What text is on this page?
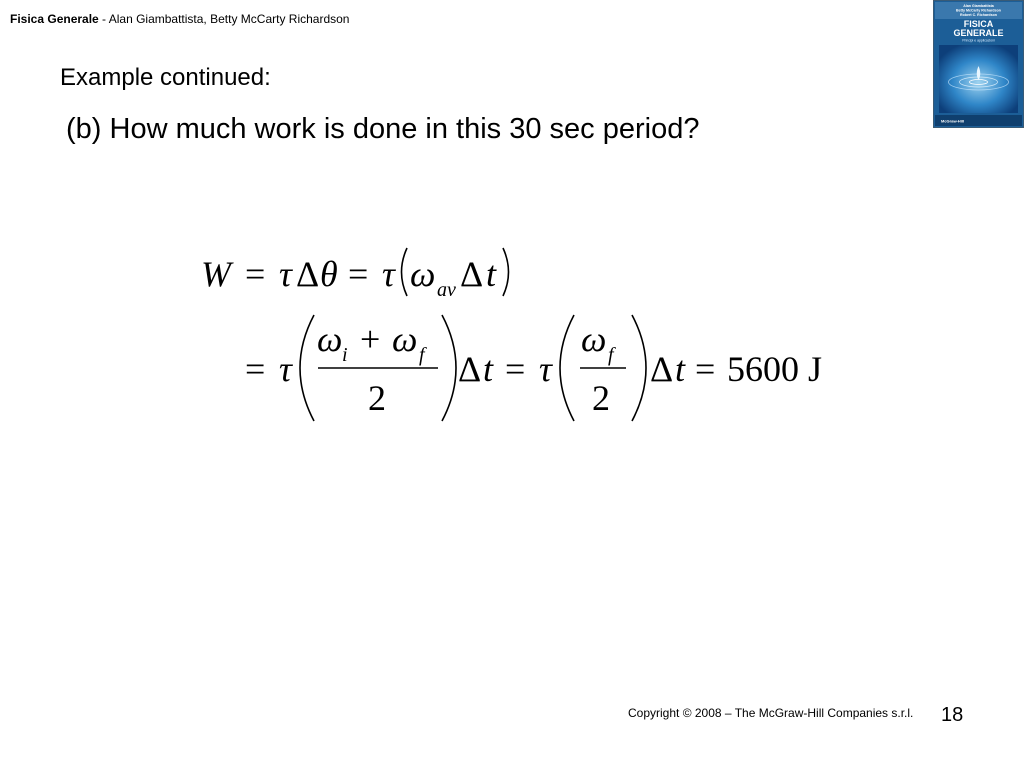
Fisica Generale - Alan Giambattista, Betty McCarty Richardson
Example continued:
(b) How much work is done in this 30 sec period?
W = τ Δ θ = τ ω av Δ t
= τ
ω i + ω f
2
Δ t = τ
ω f
2
Δ t = 5600 J
Alan Giambattista
Betty McCarty Richardson
Robert C. Richardson
FISICA
GENERALE
Principi e applicazioni
McGraw-Hill
Copyright © 2008 – The McGraw-Hill Companies s.r.l. 18
